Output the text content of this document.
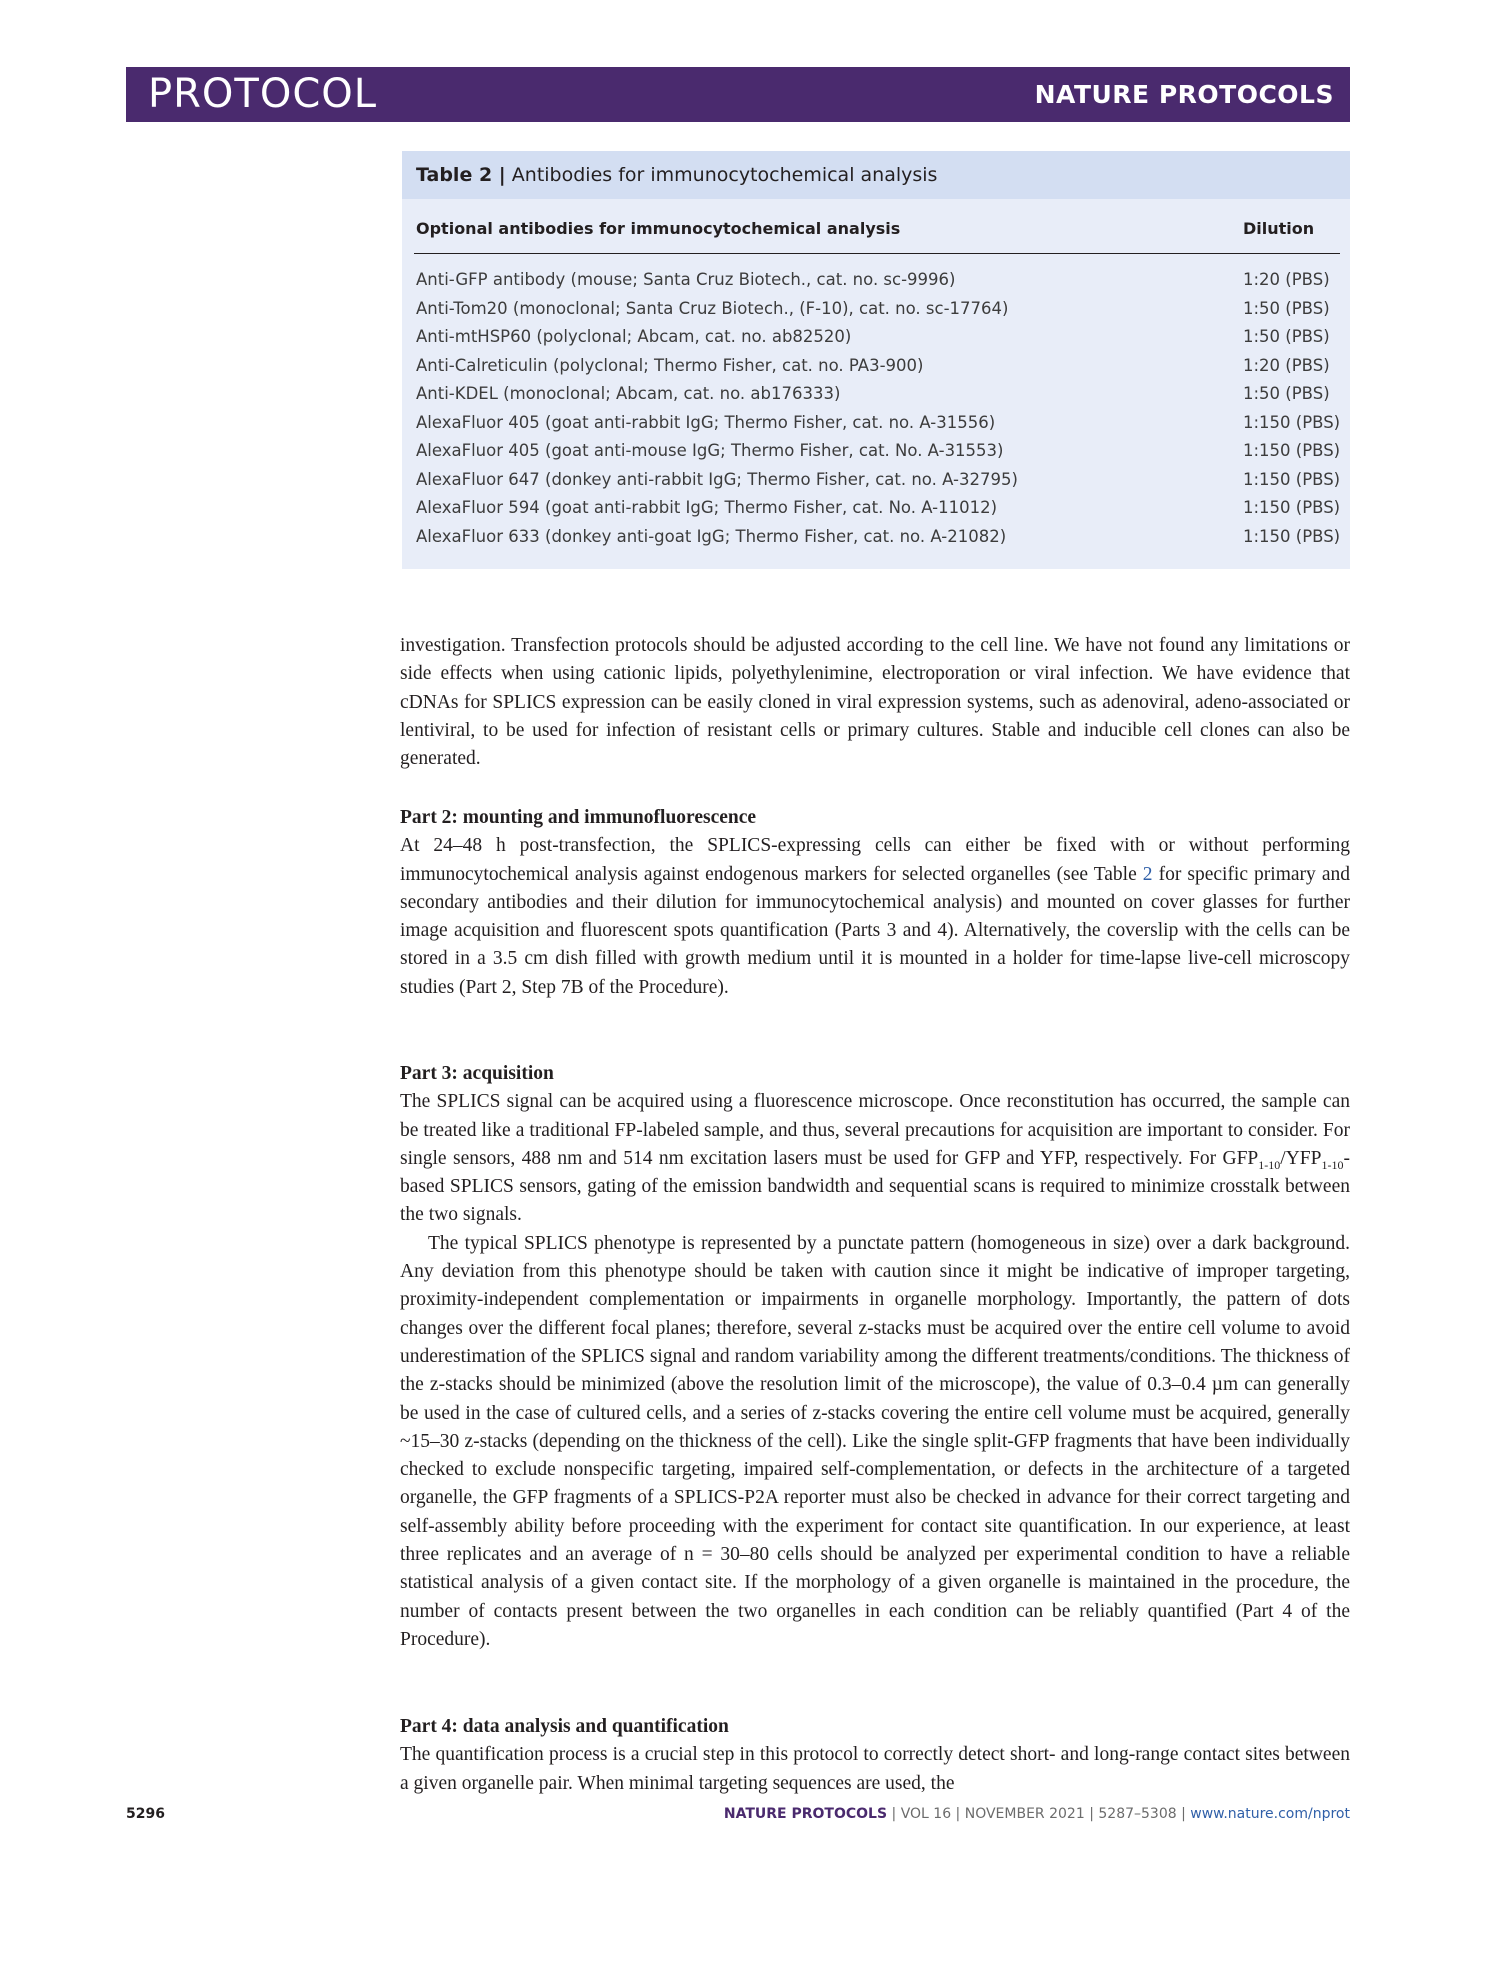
PROTOCOL	NATURE PROTOCOLS
Table 2 | Antibodies for immunocytochemical analysis
Optional antibodies for immunocytochemical analysis	Dilution
Anti-GFP antibody (mouse; Santa Cruz Biotech., cat. no. sc-9996)	1:20 (PBS)
Anti-Tom20 (monoclonal; Santa Cruz Biotech., (F-10), cat. no. sc-17764)	1:50 (PBS)
Anti-mtHSP60 (polyclonal; Abcam, cat. no. ab82520)	1:50 (PBS)
Anti-Calreticulin (polyclonal; Thermo Fisher, cat. no. PA3-900)	1:20 (PBS)
Anti-KDEL (monoclonal; Abcam, cat. no. ab176333)	1:50 (PBS)
AlexaFluor 405 (goat anti-rabbit IgG; Thermo Fisher, cat. no. A-31556)	1:150 (PBS)
AlexaFluor 405 (goat anti-mouse IgG; Thermo Fisher, cat. No. A-31553)	1:150 (PBS)
AlexaFluor 647 (donkey anti-rabbit IgG; Thermo Fisher, cat. no. A-32795)	1:150 (PBS)
AlexaFluor 594 (goat anti-rabbit IgG; Thermo Fisher, cat. No. A-11012)	1:150 (PBS)
AlexaFluor 633 (donkey anti-goat IgG; Thermo Fisher, cat. no. A-21082)	1:150 (PBS)

investigation. Transfection protocols should be adjusted according to the cell line. We have not found any limitations or side effects when using cationic lipids, polyethylenimine, electroporation or viral infection. We have evidence that cDNAs for SPLICS expression can be easily cloned in viral expression systems, such as adenoviral, adeno-associated or lentiviral, to be used for infection of resistant cells or primary cultures. Stable and inducible cell clones can also be generated.

Part 2: mounting and immunofluorescence

At 24–48 h post-transfection, the SPLICS-expressing cells can either be fixed with or without performing immunocytochemical analysis against endogenous markers for selected organelles (see Table 2 for specific primary and secondary antibodies and their dilution for immunocytochemical analysis) and mounted on cover glasses for further image acquisition and fluorescent spots quantification (Parts 3 and 4). Alternatively, the coverslip with the cells can be stored in a 3.5 cm dish filled with growth medium until it is mounted in a holder for time-lapse live-cell microscopy studies (Part 2, Step 7B of the Procedure).

Part 3: acquisition

The SPLICS signal can be acquired using a fluorescence microscope. Once reconstitution has occurred, the sample can be treated like a traditional FP-labeled sample, and thus, several precautions for acquisition are important to consider. For single sensors, 488 nm and 514 nm excitation lasers must be used for GFP and YFP, respectively. For $GFP_{1-10}/YFP_{1-10}$-based SPLICS sensors, gating of the emission bandwidth and sequential scans is required to minimize crosstalk between the two signals.

The typical SPLICS phenotype is represented by a punctate pattern (homogeneous in size) over a dark background. Any deviation from this phenotype should be taken with caution since it might be indicative of improper targeting, proximity-independent complementation or impairments in organelle morphology. Importantly, the pattern of dots changes over the different focal planes; therefore, several z-stacks must be acquired over the entire cell volume to avoid underestimation of the SPLICS signal and random variability among the different treatments/conditions. The thickness of the z-stacks should be minimized (above the resolution limit of the microscope), the value of 0.3–0.4 µm can generally be used in the case of cultured cells, and a series of z-stacks covering the entire cell volume must be acquired, generally ~15–30 z-stacks (depending on the thickness of the cell). Like the single split-GFP fragments that have been individually checked to exclude nonspecific targeting, impaired self-complementation, or defects in the architecture of a targeted organelle, the GFP fragments of a SPLICS-P2A reporter must also be checked in advance for their correct targeting and self-assembly ability before proceeding with the experiment for contact site quantification. In our experience, at least three replicates and an average of n = 30–80 cells should be analyzed per experimental condition to have a reliable statistical analysis of a given contact site. If the morphology of a given organelle is maintained in the procedure, the number of contacts present between the two organelles in each condition can be reliably quantified (Part 4 of the Procedure).

Part 4: data analysis and quantification

The quantification process is a crucial step in this protocol to correctly detect short- and long-range contact sites between a given organelle pair. When minimal targeting sequences are used, the

5296	NATURE PROTOCOLS | VOL 16 | NOVEMBER 2021 | 5287–5308 | www.nature.com/nprot
